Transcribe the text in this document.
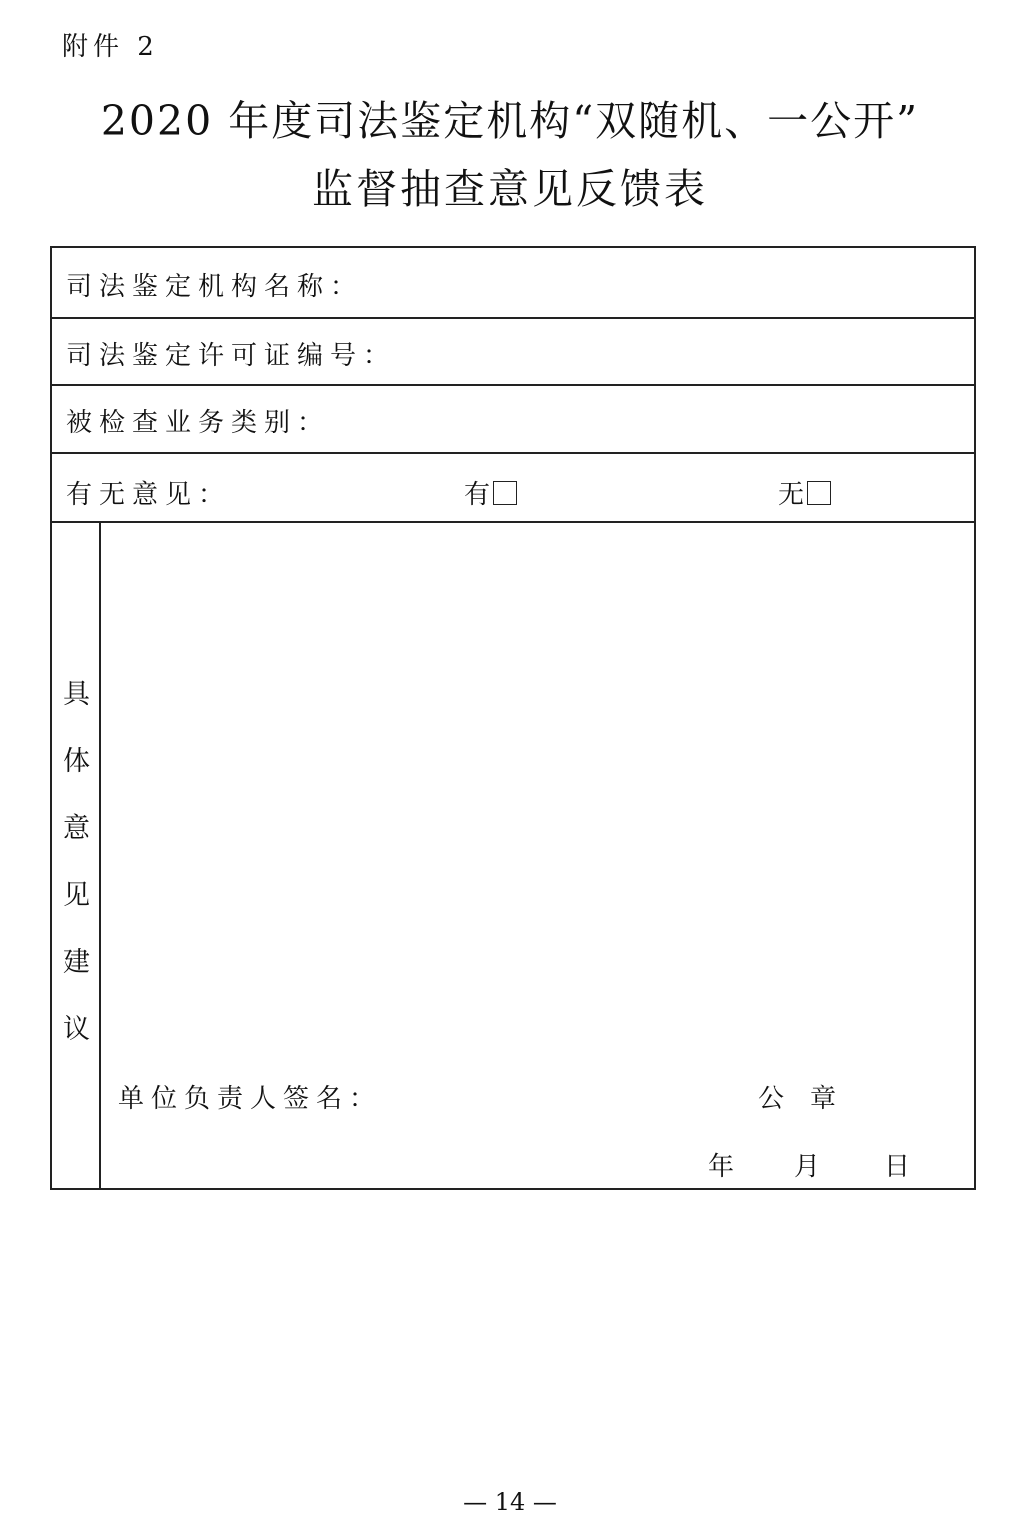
附件 2
2020 年度司法鉴定机构“双随机、一公开”
监督抽查意见反馈表
司法鉴定机构名称：
司法鉴定许可证编号：
被检查业务类别：
有无意见：	有	无
具
体
意
见
建
议
单位负责人签名：	公章
年 月 日
— 14 —
